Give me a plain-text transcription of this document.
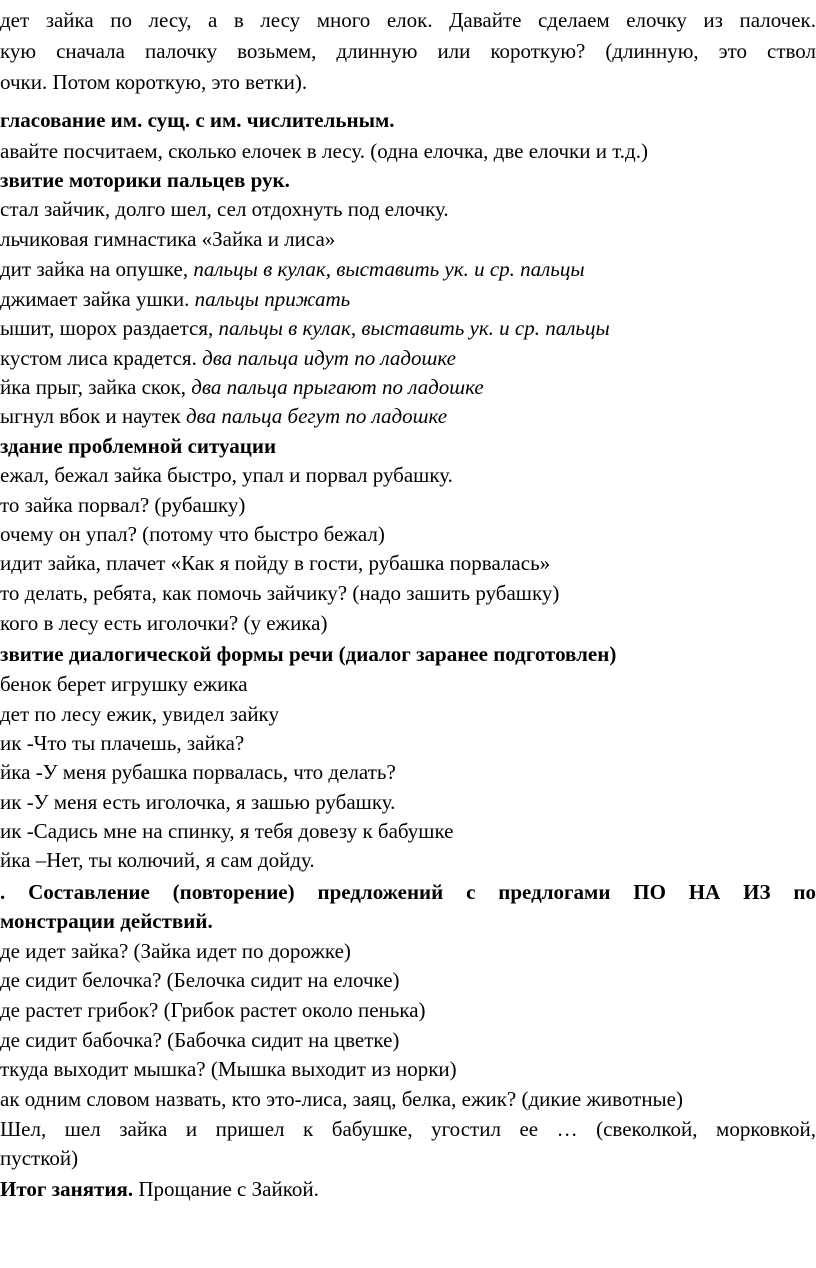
дет зайка по лесу, а в лесу много елок. Давайте сделаем елочку из палочек.

кую сначала палочку возьмем, длинную или короткую? (длинную, это ствол

очки. Потом короткую, это ветки).

гласование им. сущ. с им. числительным.

авайте посчитаем, сколько елочек в лесу. (одна елочка, две елочки и т.д.)

звитие моторики пальцев рук.

стал зайчик, долго шел, сел отдохнуть под елочку.

льчиковая гимнастика «Зайка и лиса»

дит зайка на опушке, пальцы в кулак, выставить ук. и ср. пальцы

джимает зайка ушки. пальцы прижать

ышит, шорох раздается, пальцы в кулак, выставить ук. и ср. пальцы

кустом лиса крадется. два пальца идут по ладошке

йка прыг, зайка скок, два пальца прыгают по ладошке

ыгнул вбок и наутек два пальца бегут по ладошке

здание проблемной ситуации

ежал, бежал зайка быстро, упал и порвал рубашку.

то зайка порвал? (рубашку)

очему он упал? (потому что быстро бежал)

идит зайка, плачет «Как я пойду в гости, рубашка порвалась»

то делать, ребята, как помочь зайчику? (надо зашить рубашку)

кого в лесу есть иголочки? (у ежика)

звитие диалогической формы речи (диалог заранее подготовлен)

бенок берет игрушку ежика

дет по лесу ежик, увидел зайку

ик -Что ты плачешь, зайка?

йка -У меня рубашка порвалась, что делать?

ик -У меня есть иголочка, я зашью рубашку.

ик -Садись мне на спинку, я тебя довезу к бабушке

йка –Нет, ты колючий, я сам дойду.

. Составление (повторение) предложений с предлогами ПО НА ИЗ по

монстрации действий.

де идет зайка? (Зайка идет по дорожке)

де сидит белочка? (Белочка сидит на елочке)

де растет грибок? (Грибок растет около пенька)

де сидит бабочка? (Бабочка сидит на цветке)

ткуда выходит мышка? (Мышка выходит из норки)

ак одним словом назвать, кто это-лиса, заяц, белка, ежик? (дикие животные)

Шел, шел зайка и пришел к бабушке, угостил ее … (свеколкой, морковкой,

пусткой)

Итог занятия. Прощание с Зайкой.
